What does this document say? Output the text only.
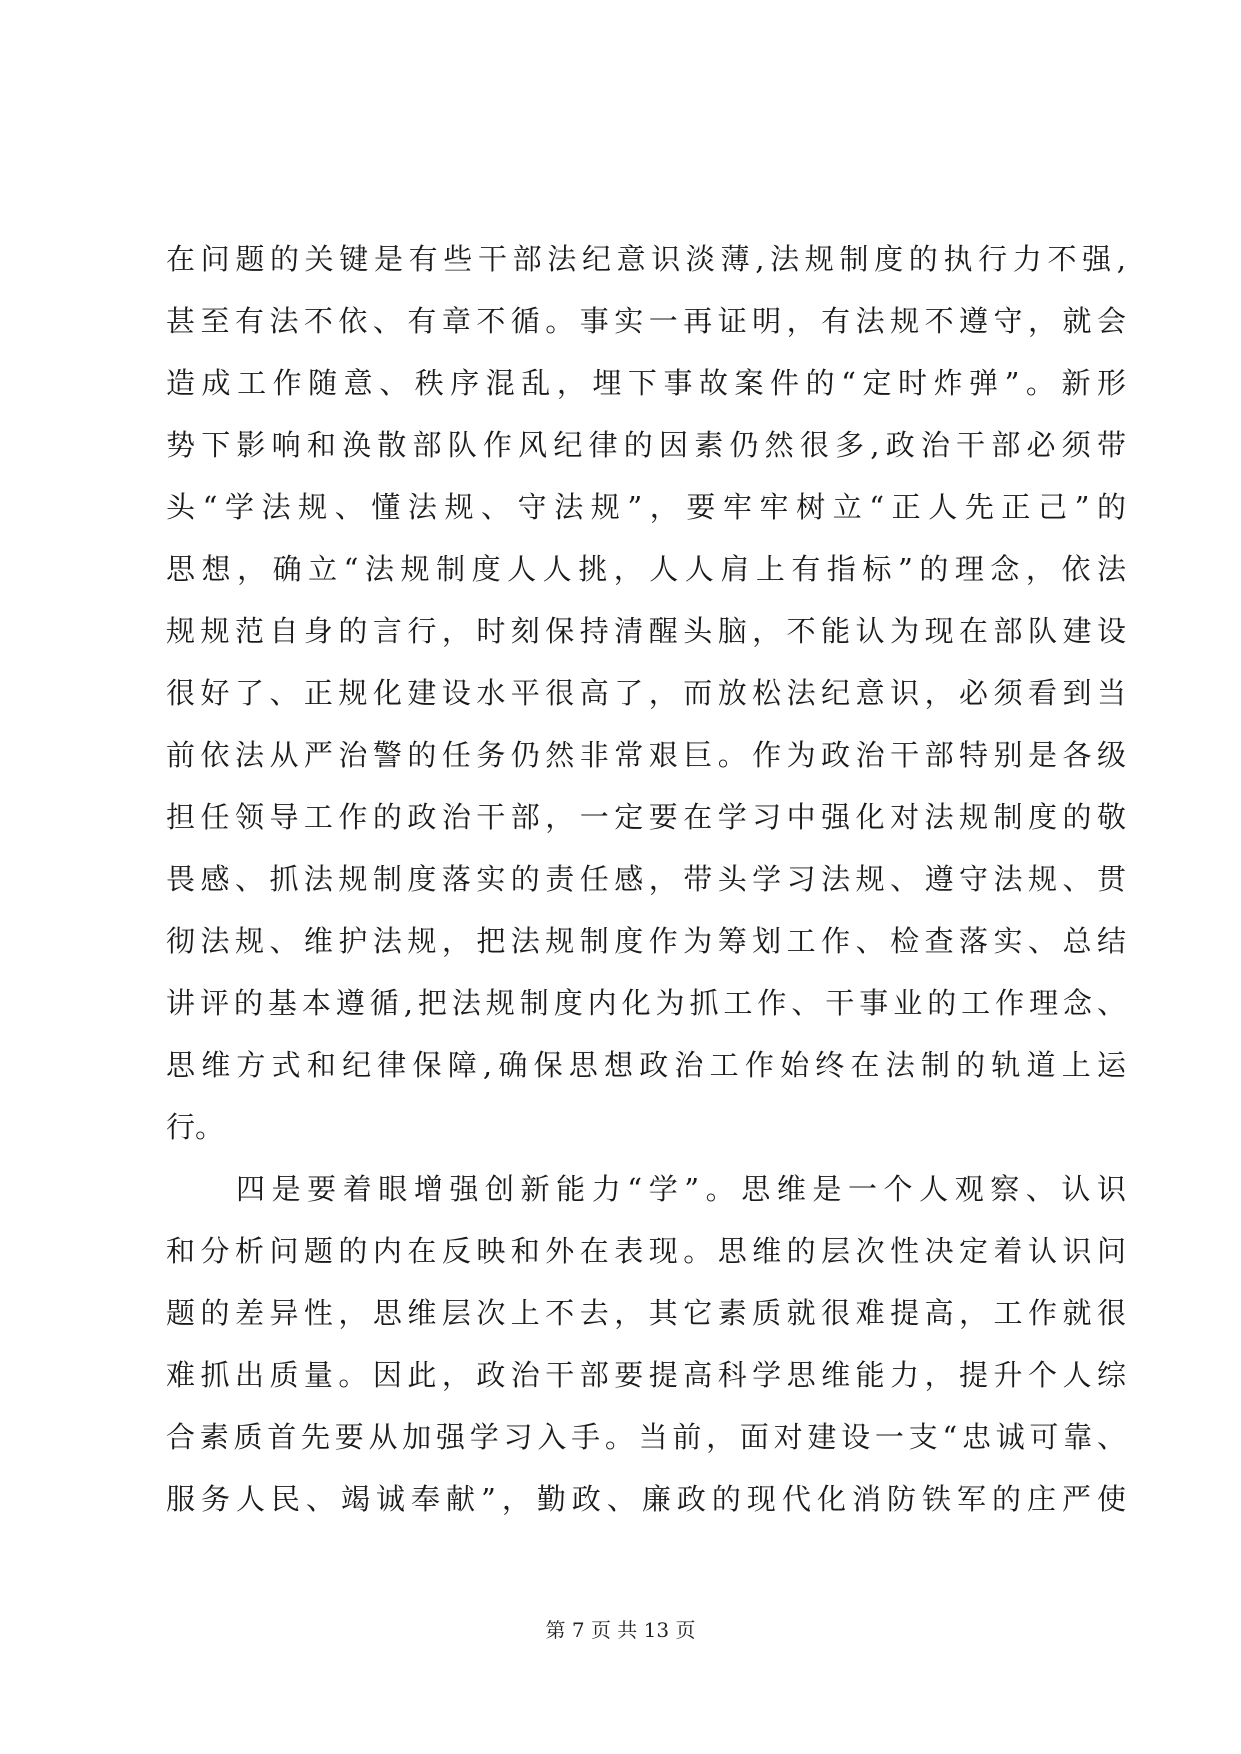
在问题的关键是有些干部法纪意识淡薄,法规制度的执行力不强,
甚至有法不依、有章不循。事实一再证明，有法规不遵守，就会
造成工作随意、秩序混乱，埋下事故案件的“定时炸弹”。新形
势下影响和涣散部队作风纪律的因素仍然很多,政治干部必须带
头“学法规、懂法规、守法规”，要牢牢树立“正人先正己”的
思想，确立“法规制度人人挑，人人肩上有指标”的理念，依法
规规范自身的言行，时刻保持清醒头脑，不能认为现在部队建设
很好了、正规化建设水平很高了，而放松法纪意识，必须看到当
前依法从严治警的任务仍然非常艰巨。作为政治干部特别是各级
担任领导工作的政治干部，一定要在学习中强化对法规制度的敬
畏感、抓法规制度落实的责任感，带头学习法规、遵守法规、贯
彻法规、维护法规，把法规制度作为筹划工作、检查落实、总结
讲评的基本遵循,把法规制度内化为抓工作、干事业的工作理念、
思维方式和纪律保障,确保思想政治工作始终在法制的轨道上运
行。
四是要着眼增强创新能力“学”。思维是一个人观察、认识
和分析问题的内在反映和外在表现。思维的层次性决定着认识问
题的差异性，思维层次上不去，其它素质就很难提高，工作就很
难抓出质量。因此，政治干部要提高科学思维能力，提升个人综
合素质首先要从加强学习入手。当前，面对建设一支“忠诚可靠、
服务人民、竭诚奉献”，勤政、廉政的现代化消防铁军的庄严使
第 7 页 共 13 页
